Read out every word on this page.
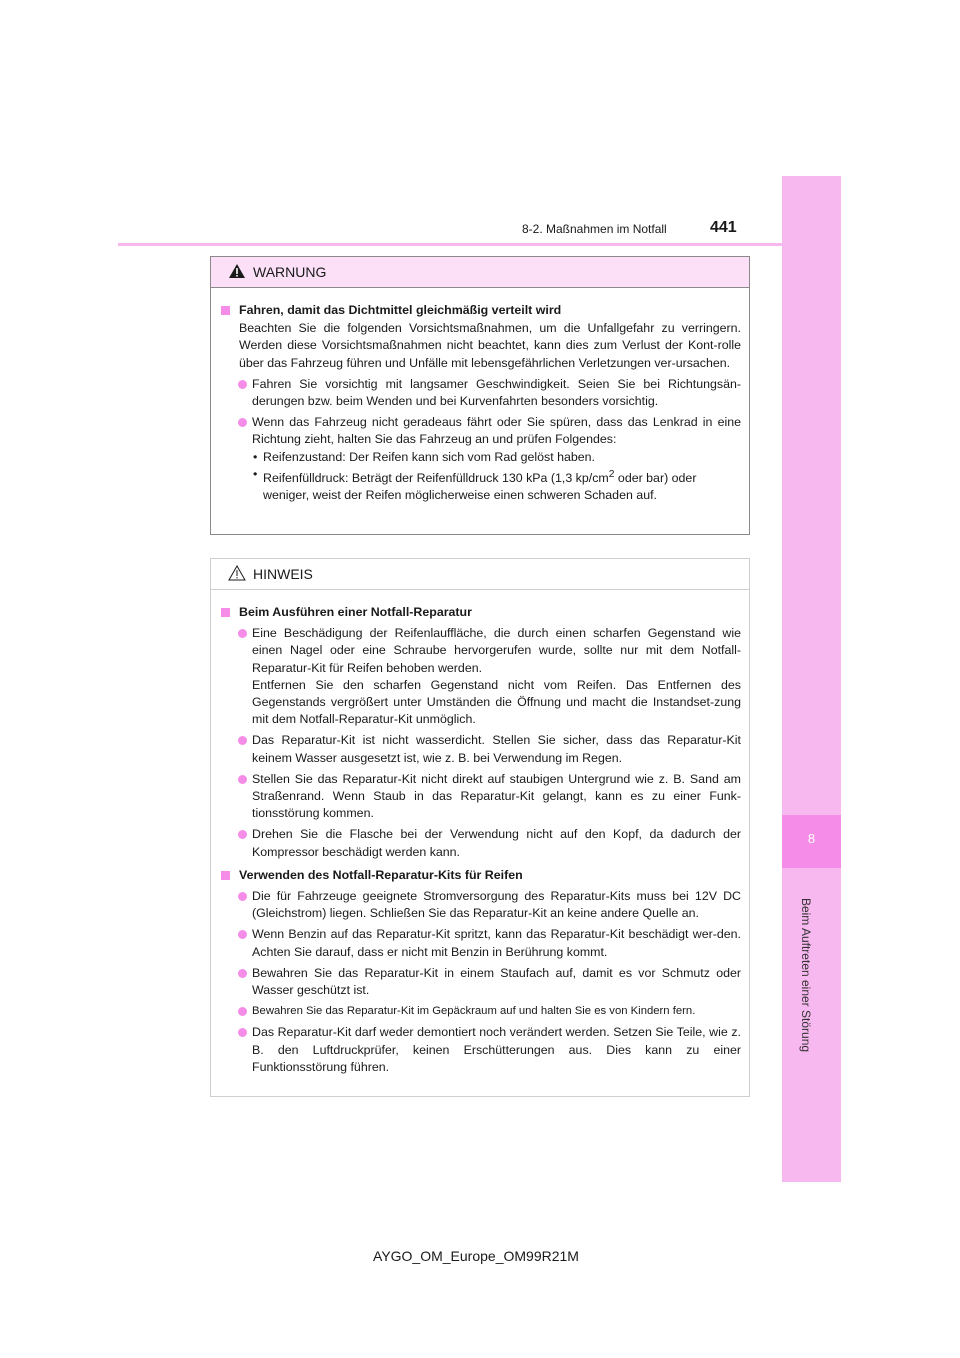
8
Beim Auftreten einer Störung
8-2. Maßnahmen im Notfall	441
WARNUNG
Fahren, damit das Dichtmittel gleichmäßig verteilt wird
Beachten Sie die folgenden Vorsichtsmaßnahmen, um die Unfallgefahr zu verringern. Werden diese Vorsichtsmaßnahmen nicht beachtet, kann dies zum Verlust der Kont-rolle über das Fahrzeug führen und Unfälle mit lebensgefährlichen Verletzungen ver-ursachen.
Fahren Sie vorsichtig mit langsamer Geschwindigkeit. Seien Sie bei Richtungsän-derungen bzw. beim Wenden und bei Kurvenfahrten besonders vorsichtig.
Wenn das Fahrzeug nicht geradeaus fährt oder Sie spüren, dass das Lenkrad in eine Richtung zieht, halten Sie das Fahrzeug an und prüfen Folgendes:
• Reifenzustand: Der Reifen kann sich vom Rad gelöst haben.
• Reifenfülldruck: Beträgt der Reifenfülldruck 130 kPa (1,3 $kp/cm^2$ oder bar) oder weniger, weist der Reifen möglicherweise einen schweren Schaden auf.
HINWEIS
Beim Ausführen einer Notfall-Reparatur
Eine Beschädigung der Reifenlauffläche, die durch einen scharfen Gegenstand wie einen Nagel oder eine Schraube hervorgerufen wurde, sollte nur mit dem Notfall-Reparatur-Kit für Reifen behoben werden.
Entfernen Sie den scharfen Gegenstand nicht vom Reifen. Das Entfernen des Gegenstands vergrößert unter Umständen die Öffnung und macht die Instandset-zung mit dem Notfall-Reparatur-Kit unmöglich.
Das Reparatur-Kit ist nicht wasserdicht. Stellen Sie sicher, dass das Reparatur-Kit keinem Wasser ausgesetzt ist, wie z. B. bei Verwendung im Regen.
Stellen Sie das Reparatur-Kit nicht direkt auf staubigen Untergrund wie z. B. Sand am Straßenrand. Wenn Staub in das Reparatur-Kit gelangt, kann es zu einer Funk-tionsstörung kommen.
Drehen Sie die Flasche bei der Verwendung nicht auf den Kopf, da dadurch der Kompressor beschädigt werden kann.
Verwenden des Notfall-Reparatur-Kits für Reifen
Die für Fahrzeuge geeignete Stromversorgung des Reparatur-Kits muss bei 12V DC (Gleichstrom) liegen. Schließen Sie das Reparatur-Kit an keine andere Quelle an.
Wenn Benzin auf das Reparatur-Kit spritzt, kann das Reparatur-Kit beschädigt wer-den. Achten Sie darauf, dass er nicht mit Benzin in Berührung kommt.
Bewahren Sie das Reparatur-Kit in einem Staufach auf, damit es vor Schmutz oder Wasser geschützt ist.
Bewahren Sie das Reparatur-Kit im Gepäckraum auf und halten Sie es von Kindern fern.
Das Reparatur-Kit darf weder demontiert noch verändert werden. Setzen Sie Teile, wie z. B. den Luftdruckprüfer, keinen Erschütterungen aus. Dies kann zu einer Funktionsstörung führen.
AYGO_OM_Europe_OM99R21M
